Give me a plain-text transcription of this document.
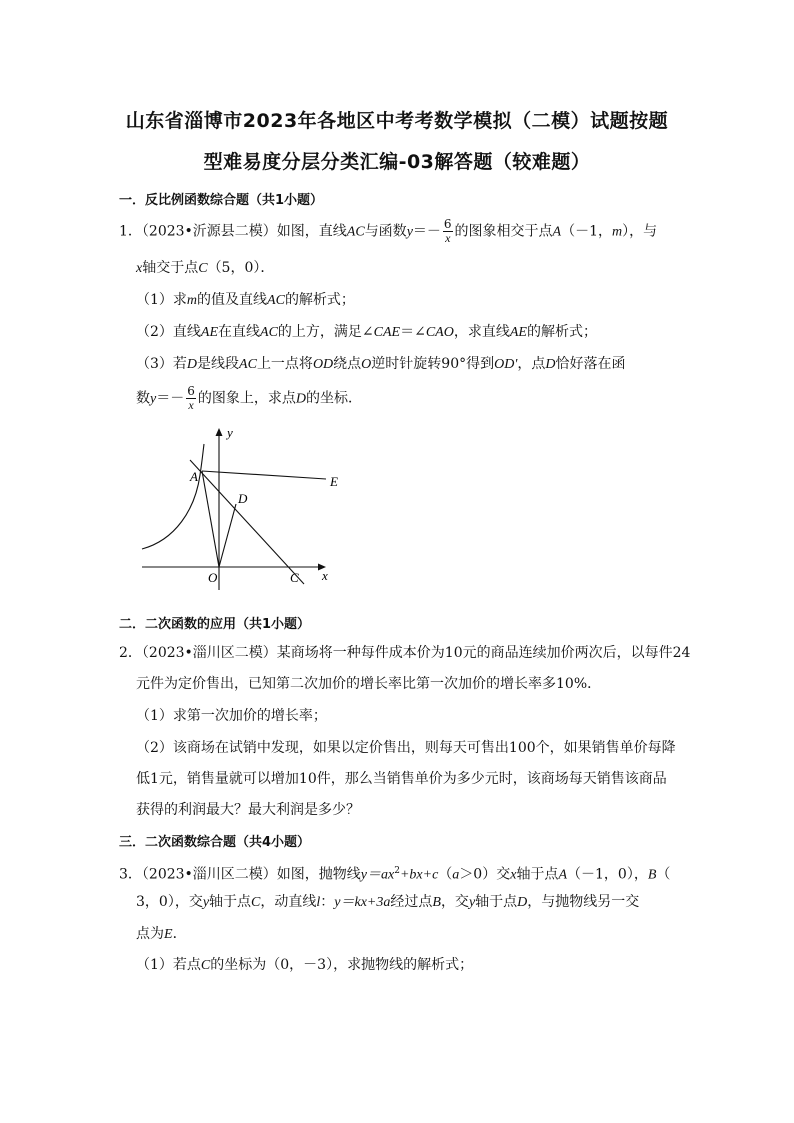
山东省淄博市2023年各地区中考考数学模拟（二模）试题按题
型难易度分层分类汇编-03解答题（较难题）
一．反比例函数综合题（共1小题）
1．（2023•沂源县二模）如图，直线AC与函数$y=- \frac{6}{x}$ 的图象相交于点A（－1，m），与
x轴交于点C（5，0）．
（1）求m的值及直线AC的解析式；
（2）直线AE在直线AC的上方，满足∠CAE＝∠CAO，求直线AE的解析式；
（3）若D是线段AC上一点将OD绕点O逆时针旋转90°得到OD'，点D恰好落在函
数$y=- \frac{6}{x}$ 的图象上，求点D的坐标．
y
x
A
D
E
O	C
二．二次函数的应用（共1小题）
2．（2023•淄川区二模）某商场将一种每件成本价为10元的商品连续加价两次后，以每件24
元件为定价售出，已知第二次加价的增长率比第一次加价的增长率多10%．
（1）求第一次加价的增长率；
（2）该商场在试销中发现，如果以定价售出，则每天可售出100个，如果销售单价每降
低1元，销售量就可以增加10件，那么当销售单价为多少元时，该商场每天销售该商品
获得的利润最大？最大利润是多少？
三．二次函数综合题（共4小题）
3．（2023•淄川区二模）如图，抛物线$y=ax^2+bx+c(a>0)$交x轴于点A（－1，0），B（
3，0），交y轴于点C，动直线l：y＝kx+3a经过点B，交y轴于点D，与抛物线另一交
点为E．
（1）若点C的坐标为（0，－3），求抛物线的解析式；
